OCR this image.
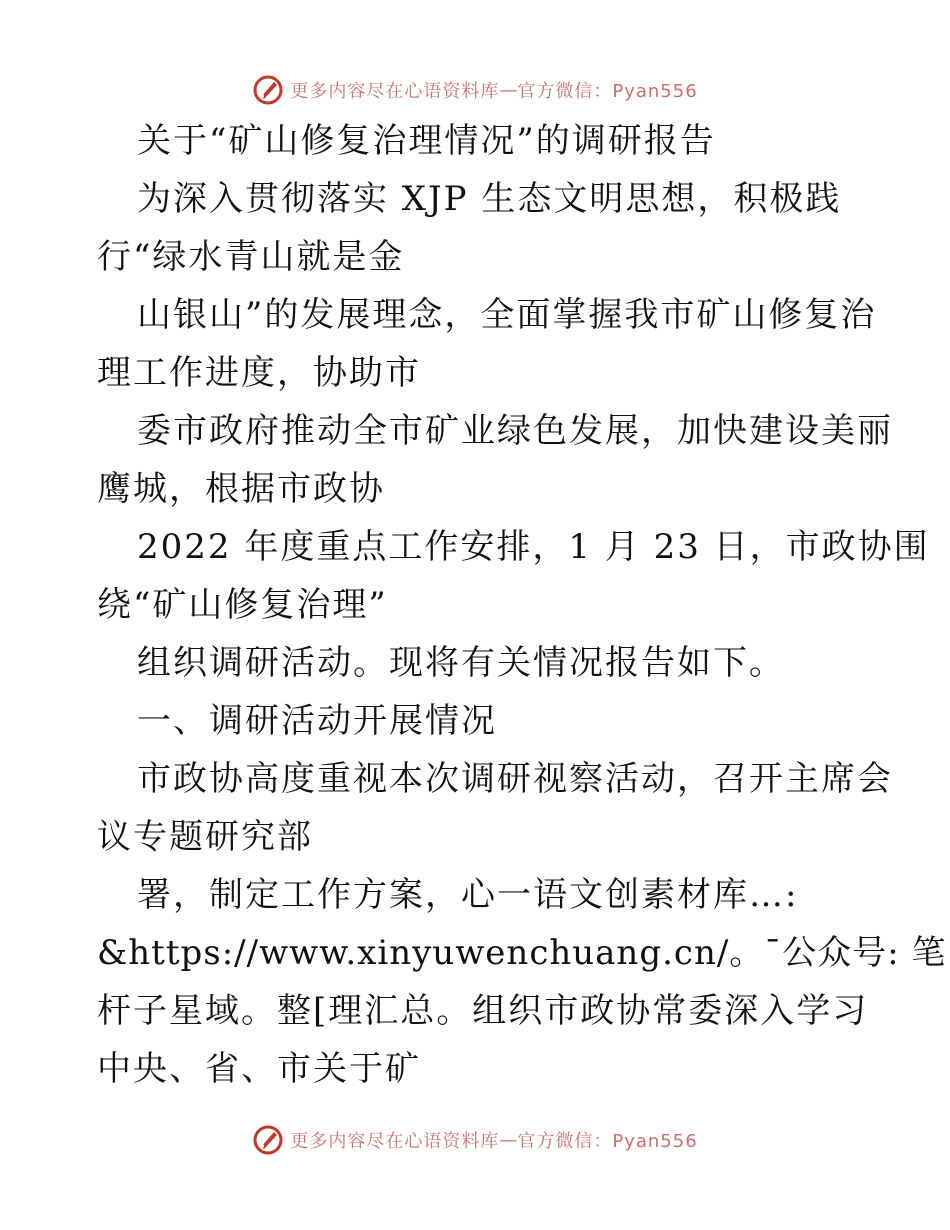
更多内容尽在心语资料库 — 官方微信：Pyan556
关于“矿山修复治理情况”的调研报告
为深入贯彻落实 XJP 生态文明思想，积极践
行“绿水青山就是金
山银山”的发展理念，全面掌握我市矿山修复治
理工作进度，协助市
委市政府推动全市矿业绿色发展，加快建设美丽
鹰城，根据市政协
2022 年度重点工作安排，1 月 23 日，市政协围
绕“矿山修复治理”
组织调研活动。现将有关情况报告如下。
一、调研活动开展情况
市政协高度重视本次调研视察活动，召开主席会
议专题研究部
署，制定工作方案，心一语文创素材库…:
&https://www.xinyuwenchuang.cn/。¯公众号: 笔
杆子星域。整[理汇总。组织市政协常委深入学习
中央、省、市关于矿
更多内容尽在心语资料库 — 官方微信：Pyan556
